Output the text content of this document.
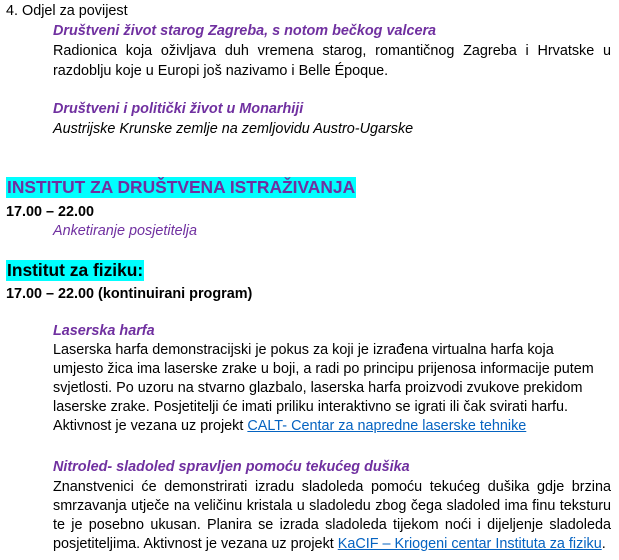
4. Odjel za povijest
Društveni život starog Zagreba, s notom bečkog valcera
Radionica koja oživljava duh vremena starog, romantičnog Zagreba i Hrvatske u
razdoblju koje u Europi još nazivamo i Belle Époque.
Društveni i politički život u Monarhiji
Austrijske Krunske zemlje na zemljovidu Austro-Ugarske
INSTITUT ZA DRUŠTVENA ISTRAŽIVANJA
17.00 – 22.00
Anketiranje posjetitelja
Institut za fiziku:
17.00 – 22.00 (kontinuirani program)
Laserska harfa
Laserska harfa demonstracijski je pokus za koji je izrađena virtualna harfa koja
umjesto žica ima laserske zrake u boji, a radi po principu prijenosa informacije putem
svjetlosti. Po uzoru na stvarno glazbalo, laserska harfa proizvodi zvukove prekidom
laserske zrake. Posjetitelji će imati priliku interaktivno se igrati ili čak svirati harfu.
Aktivnost je vezana uz projekt CALT- Centar za napredne laserske tehnike
Nitroled- sladoled spravljen pomoću tekućeg dušika
Znanstvenici će demonstrirati izradu sladoleda pomoću tekućeg dušika gdje brzina
smrzavanja utječe na veličinu kristala u sladoledu zbog čega sladoled ima finu teksturu
te je posebno ukusan. Planira se izrada sladoleda tijekom noći i dijeljenje sladoleda
posjetiteljima. Aktivnost je vezana uz projekt KaCIF – Kriogeni centar Instituta za fiziku.
